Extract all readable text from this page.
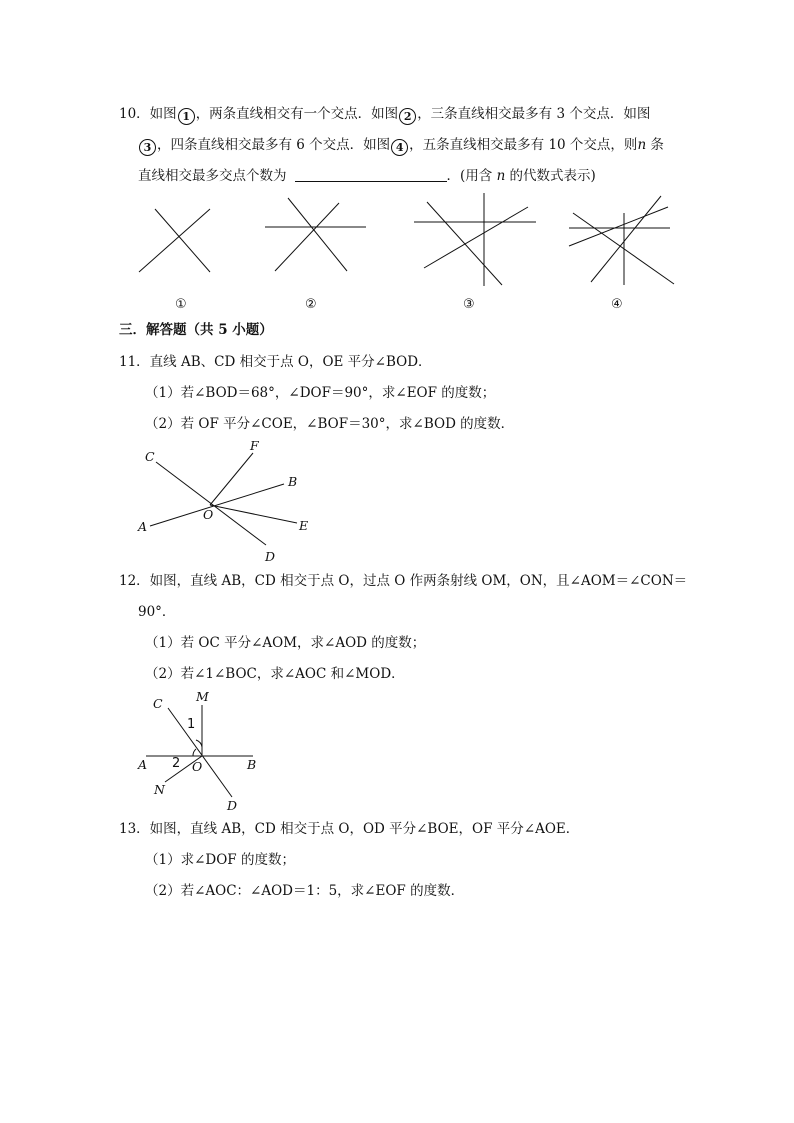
10．如图 1 ，两条直线相交有一个交点．如图 2 ，三条直线相交最多有 3 个交点．如图
3 ，四条直线相交最多有 6 个交点．如图 4 ，五条直线相交最多有 10 个交点，则n 条
直线相交最多交点个数为	．(用含 n 的代数式表示)
①	②	③	④
三．解答题（共 5 小题）
11．直线 AB、CD 相交于点 O，OE 平分∠BOD．
（1）若∠BOD＝68°，∠DOF＝90°，求∠EOF 的度数；
（2）若 OF 平分∠COE，∠BOF＝30°，求∠BOD 的度数．
C
F
B
A
O
E
D
12．如图，直线 AB，CD 相交于点 O，过点 O 作两条射线 OM，ON，且∠AOM＝∠CON＝
90°．
（1）若 OC 平分∠AOM，求∠AOD 的度数；
（2）若∠1∠BOC，求∠AOC 和∠MOD．
C	M
1
A 2 O	B
N
D
13．如图，直线 AB，CD 相交于点 O，OD 平分∠BOE，OF 平分∠AOE．
（1）求∠DOF 的度数；
（2）若∠AOC：∠AOD＝1：5，求∠EOF 的度数．
